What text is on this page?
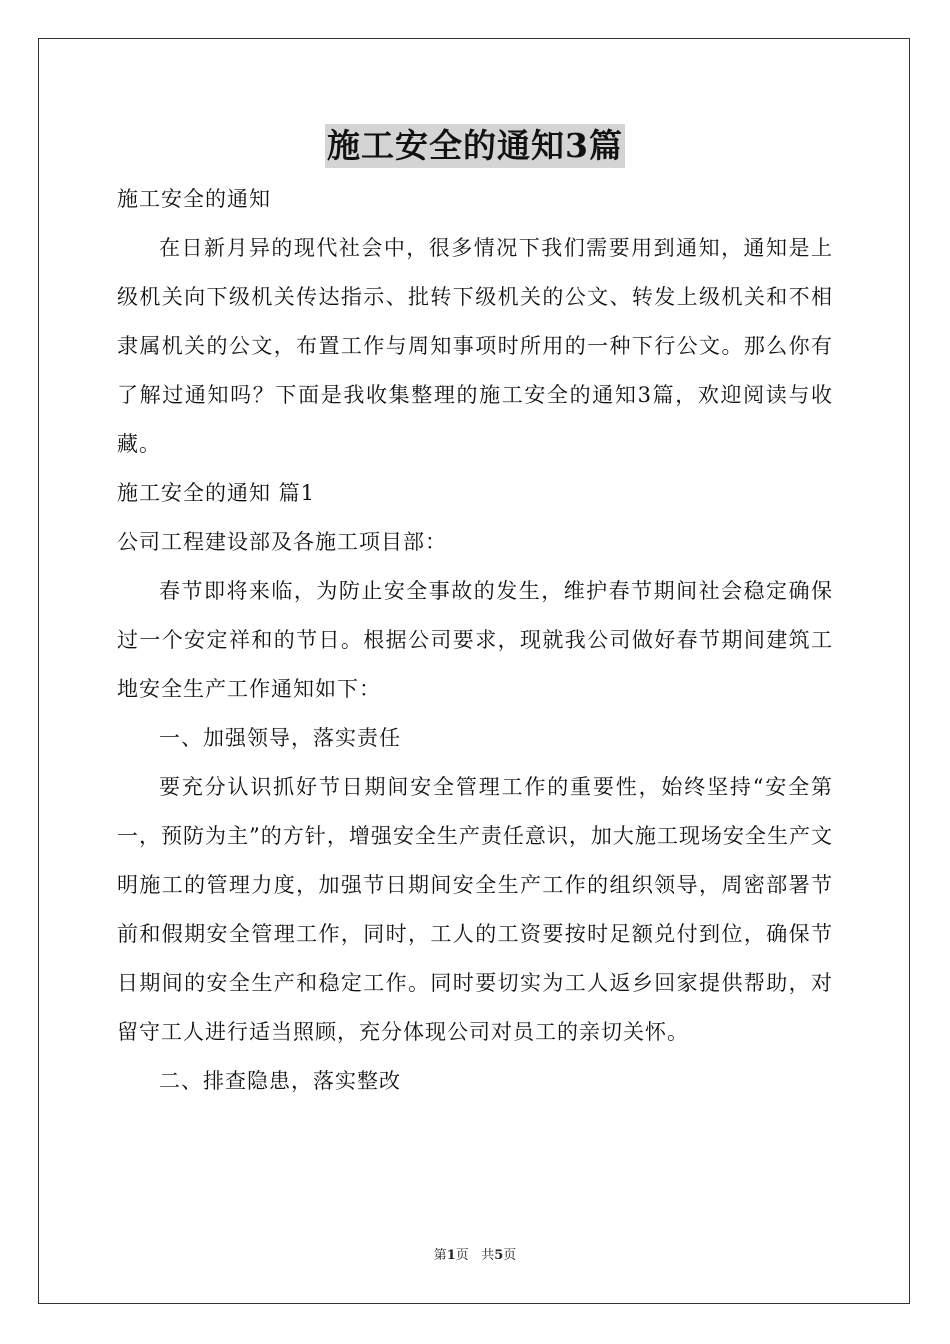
施工安全的通知3篇

施工安全的通知

在日新月异的现代社会中，很多情况下我们需要用到通知，通知是上级机关向下级机关传达指示、批转下级机关的公文、转发上级机关和不相隶属机关的公文，布置工作与周知事项时所用的一种下行公文。那么你有了解过通知吗？下面是我收集整理的施工安全的通知3篇，欢迎阅读与收藏。

施工安全的通知 篇1

公司工程建设部及各施工项目部：

春节即将来临，为防止安全事故的发生，维护春节期间社会稳定确保过一个安定祥和的节日。根据公司要求，现就我公司做好春节期间建筑工地安全生产工作通知如下：

一、加强领导，落实责任

要充分认识抓好节日期间安全管理工作的重要性，始终坚持“安全第一，预防为主”的方针，增强安全生产责任意识，加大施工现场安全生产文明施工的管理力度，加强节日期间安全生产工作的组织领导，周密部署节前和假期安全管理工作，同时，工人的工资要按时足额兑付到位，确保节日期间的安全生产和稳定工作。同时要切实为工人返乡回家提供帮助，对留守工人进行适当照顾，充分体现公司对员工的亲切关怀。

二、排查隐患，落实整改

第1页 共5页
